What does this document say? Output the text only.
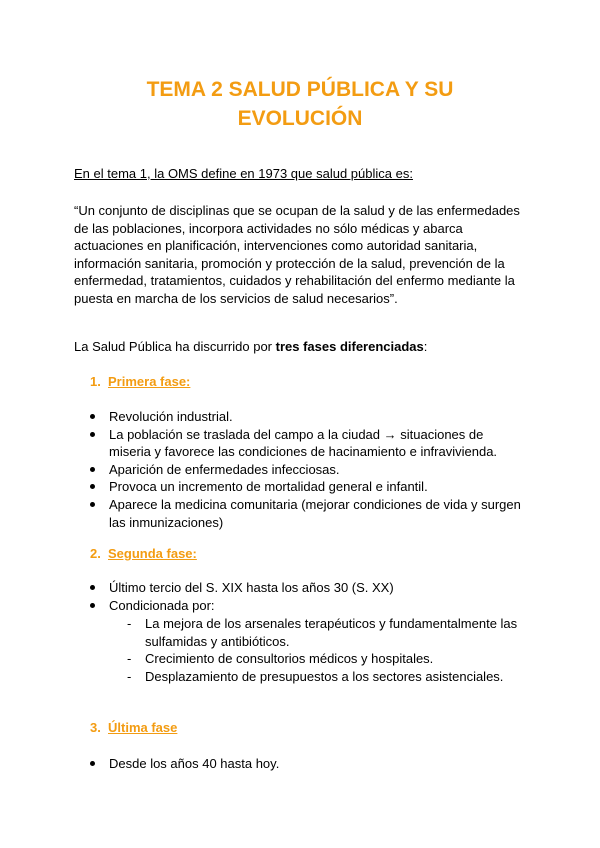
TEMA 2 SALUD PÚBLICA Y SU
EVOLUCIÓN
En el tema 1, la OMS define en 1973 que salud pública es:
“Un conjunto de disciplinas que se ocupan de la salud y de las enfermedades
de las poblaciones, incorpora actividades no sólo médicas y abarca
actuaciones en planificación, intervenciones como autoridad sanitaria,
información sanitaria, promoción y protección de la salud, prevención de la
enfermedad, tratamientos, cuidados y rehabilitación del enfermo mediante la
puesta en marcha de los servicios de salud necesarios”.
La Salud Pública ha discurrido por tres fases diferenciadas:
1. Primera fase:
Revolución industrial.
La población se traslada del campo a la ciudad → situaciones de
miseria y favorece las condiciones de hacinamiento e infravivienda.
Aparición de enfermedades infecciosas.
Provoca un incremento de mortalidad general e infantil.
Aparece la medicina comunitaria (mejorar condiciones de vida y surgen
las inmunizaciones)
2. Segunda fase:
Último tercio del S. XIX hasta los años 30 (S. XX)
Condicionada por:
- La mejora de los arsenales terapéuticos y fundamentalmente las
sulfamidas y antibióticos.
- Crecimiento de consultorios médicos y hospitales.
- Desplazamiento de presupuestos a los sectores asistenciales.
3. Última fase
Desde los años 40 hasta hoy.
